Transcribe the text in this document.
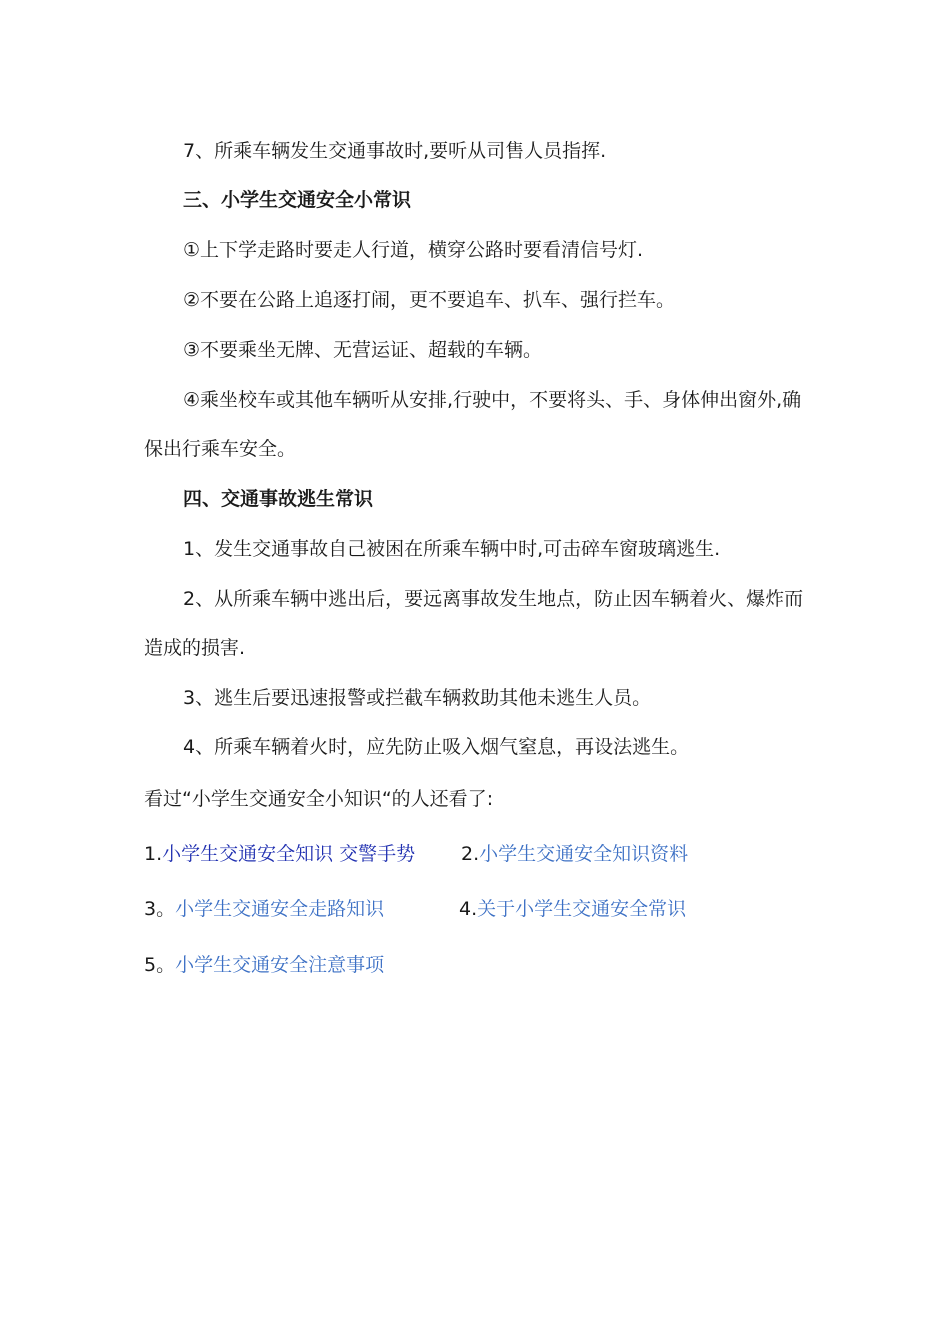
7、所乘车辆发生交通事故时,要听从司售人员指挥.
三、小学生交通安全小常识
①上下学走路时要走人行道，横穿公路时要看清信号灯.
②不要在公路上追逐打闹，更不要追车、扒车、强行拦车。
③不要乘坐无牌、无营运证、超载的车辆。
④乘坐校车或其他车辆听从安排,行驶中，不要将头、手、身体伸出窗外,确
保出行乘车安全。
四、交通事故逃生常识
1、发生交通事故自己被困在所乘车辆中时,可击碎车窗玻璃逃生.
2、从所乘车辆中逃出后，要远离事故发生地点，防止因车辆着火、爆炸而
造成的损害.
3、逃生后要迅速报警或拦截车辆救助其他未逃生人员。
4、所乘车辆着火时，应先防止吸入烟气窒息，再设法逃生。
看过“小学生交通安全小知识“的人还看了:
1.小学生交通安全知识 交警手势 2.小学生交通安全知识资料
3。小学生交通安全走路知识	4.关于小学生交通安全常识
5。小学生交通安全注意事项
